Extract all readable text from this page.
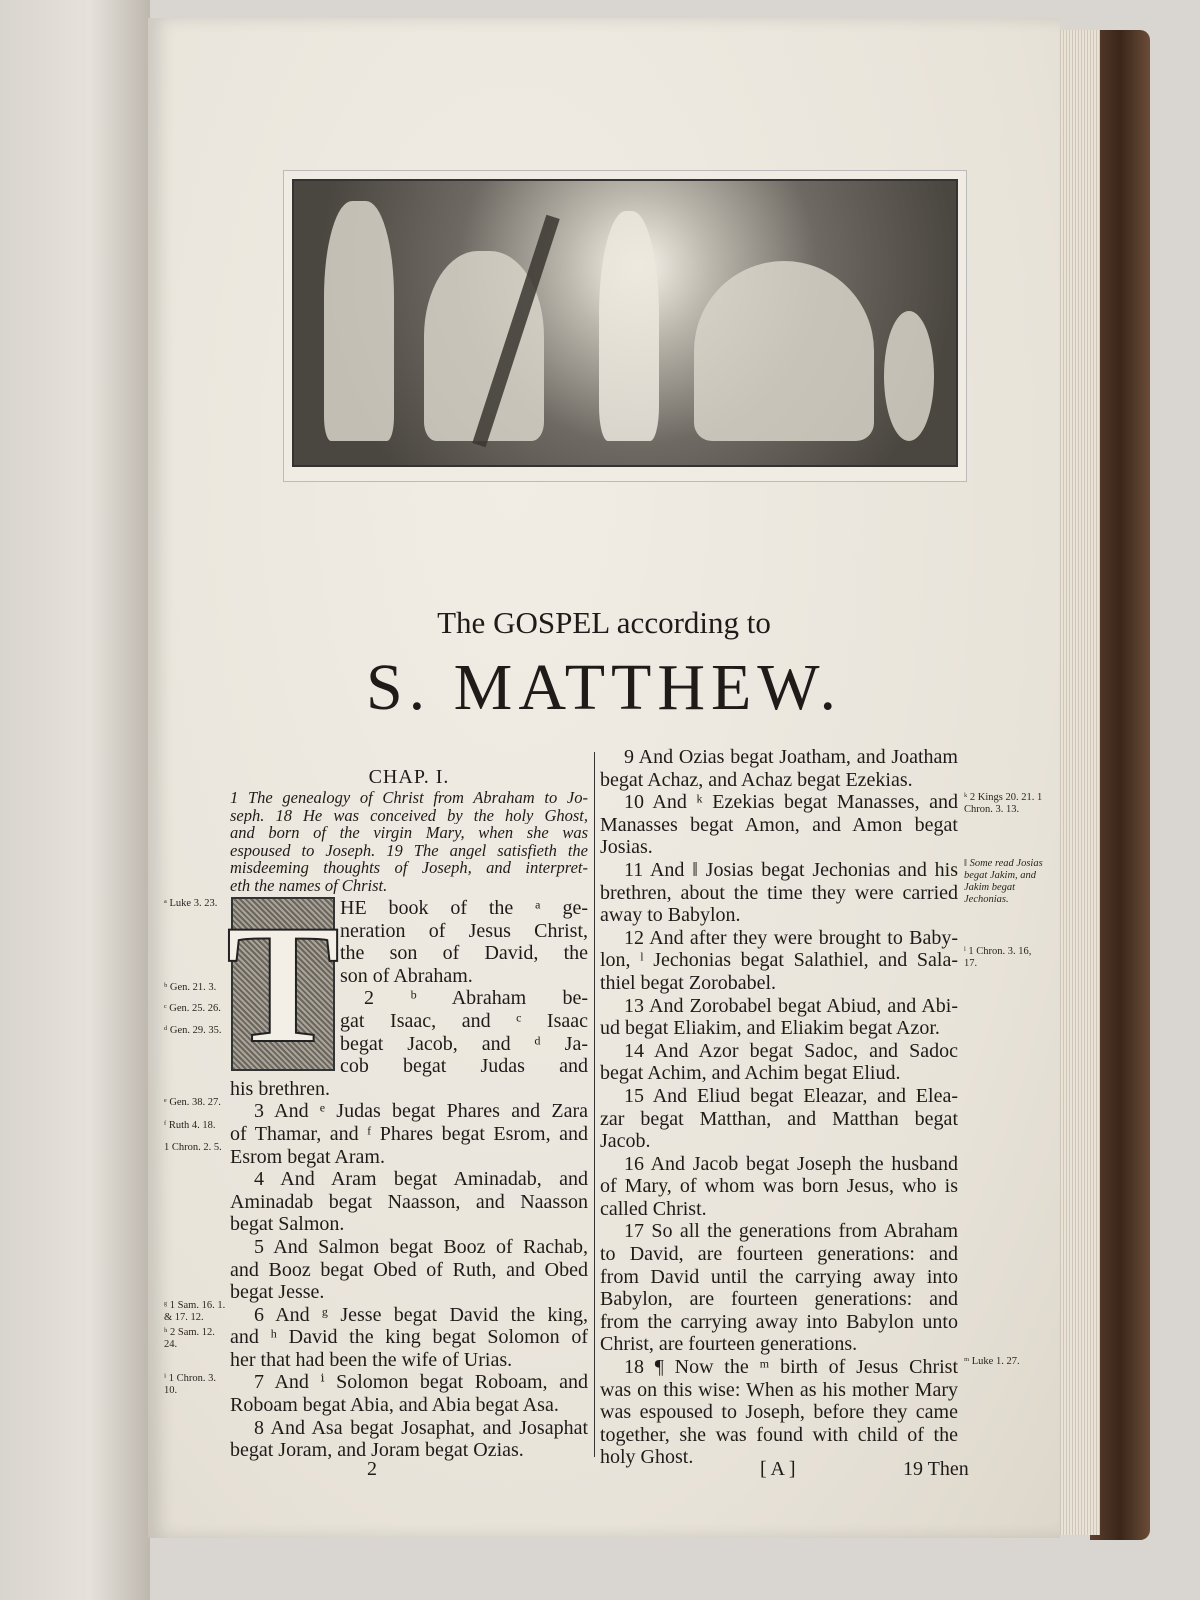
The GOSPEL according to
S. MATTHEW.
CHAP. I.
1 The genealogy of Christ from Abraham to Jo-
seph. 18 He was conceived by the holy Ghost,
and born of the virgin Mary, when she was
espoused to Joseph. 19 The angel satisfieth the
misdeeming thoughts of Joseph, and interpret-
eth the names of Christ.
T HE book of the ᵃ ge-
neration of Jesus Christ,
the son of David, the
son of Abraham.
2 ᵇ Abraham be-
gat Isaac, and ᶜ Isaac
begat Jacob, and ᵈ Ja-
cob begat Judas and
his brethren.
3 And ᵉ Judas begat Phares and Zara
of Thamar, and ᶠ Phares begat Esrom, and
Esrom begat Aram.
4 And Aram begat Aminadab, and
Aminadab begat Naasson, and Naasson
begat Salmon.
5 And Salmon begat Booz of Rachab,
and Booz begat Obed of Ruth, and Obed
begat Jesse.
6 And ᵍ Jesse begat David the king,
and ʰ David the king begat Solomon of
her that had been the wife of Urias.
7 And ⁱ Solomon begat Roboam, and
Roboam begat Abia, and Abia begat Asa.
8 And Asa begat Josaphat, and Josaphat
begat Joram, and Joram begat Ozias.
9 And Ozias begat Joatham, and Joatham
begat Achaz, and Achaz begat Ezekias.
10 And ᵏ Ezekias begat Manasses, and
Manasses begat Amon, and Amon begat
Josias.
11 And ‖ Josias begat Jechonias and his
brethren, about the time they were carried
away to Babylon.
12 And after they were brought to Baby-
lon, ˡ Jechonias begat Salathiel, and Sala-
thiel begat Zorobabel.
13 And Zorobabel begat Abiud, and Abi-
ud begat Eliakim, and Eliakim begat Azor.
14 And Azor begat Sadoc, and Sadoc
begat Achim, and Achim begat Eliud.
15 And Eliud begat Eleazar, and Elea-
zar begat Matthan, and Matthan begat
Jacob.
16 And Jacob begat Joseph the husband
of Mary, of whom was born Jesus, who is
called Christ.
17 So all the generations from Abraham
to David, are fourteen generations: and
from David until the carrying away into
Babylon, are fourteen generations: and
from the carrying away into Babylon unto
Christ, are fourteen generations.
18 ¶ Now the ᵐ birth of Jesus Christ
was on this wise: When as his mother Mary
was espoused to Joseph, before they came
together, she was found with child of the
holy Ghost.
ᵃ Luke 3. 23.
ᵇ Gen. 21. 3.
ᶜ Gen. 25. 26.
ᵈ Gen. 29. 35.
ᵉ Gen. 38. 27.
ᶠ Ruth 4. 18.
1 Chron. 2. 5.
ᵍ 1 Sam. 16. 1. & 17. 12.
ʰ 2 Sam. 12. 24.
ⁱ 1 Chron. 3. 10.
ᵏ 2 Kings 20. 21. 1 Chron. 3. 13.
‖ Some read Josias begat Jakim, and Jakim begat Jechonias.
ˡ 1 Chron. 3. 16, 17.
ᵐ Luke 1. 27.
2	[ A ]	19 Then
